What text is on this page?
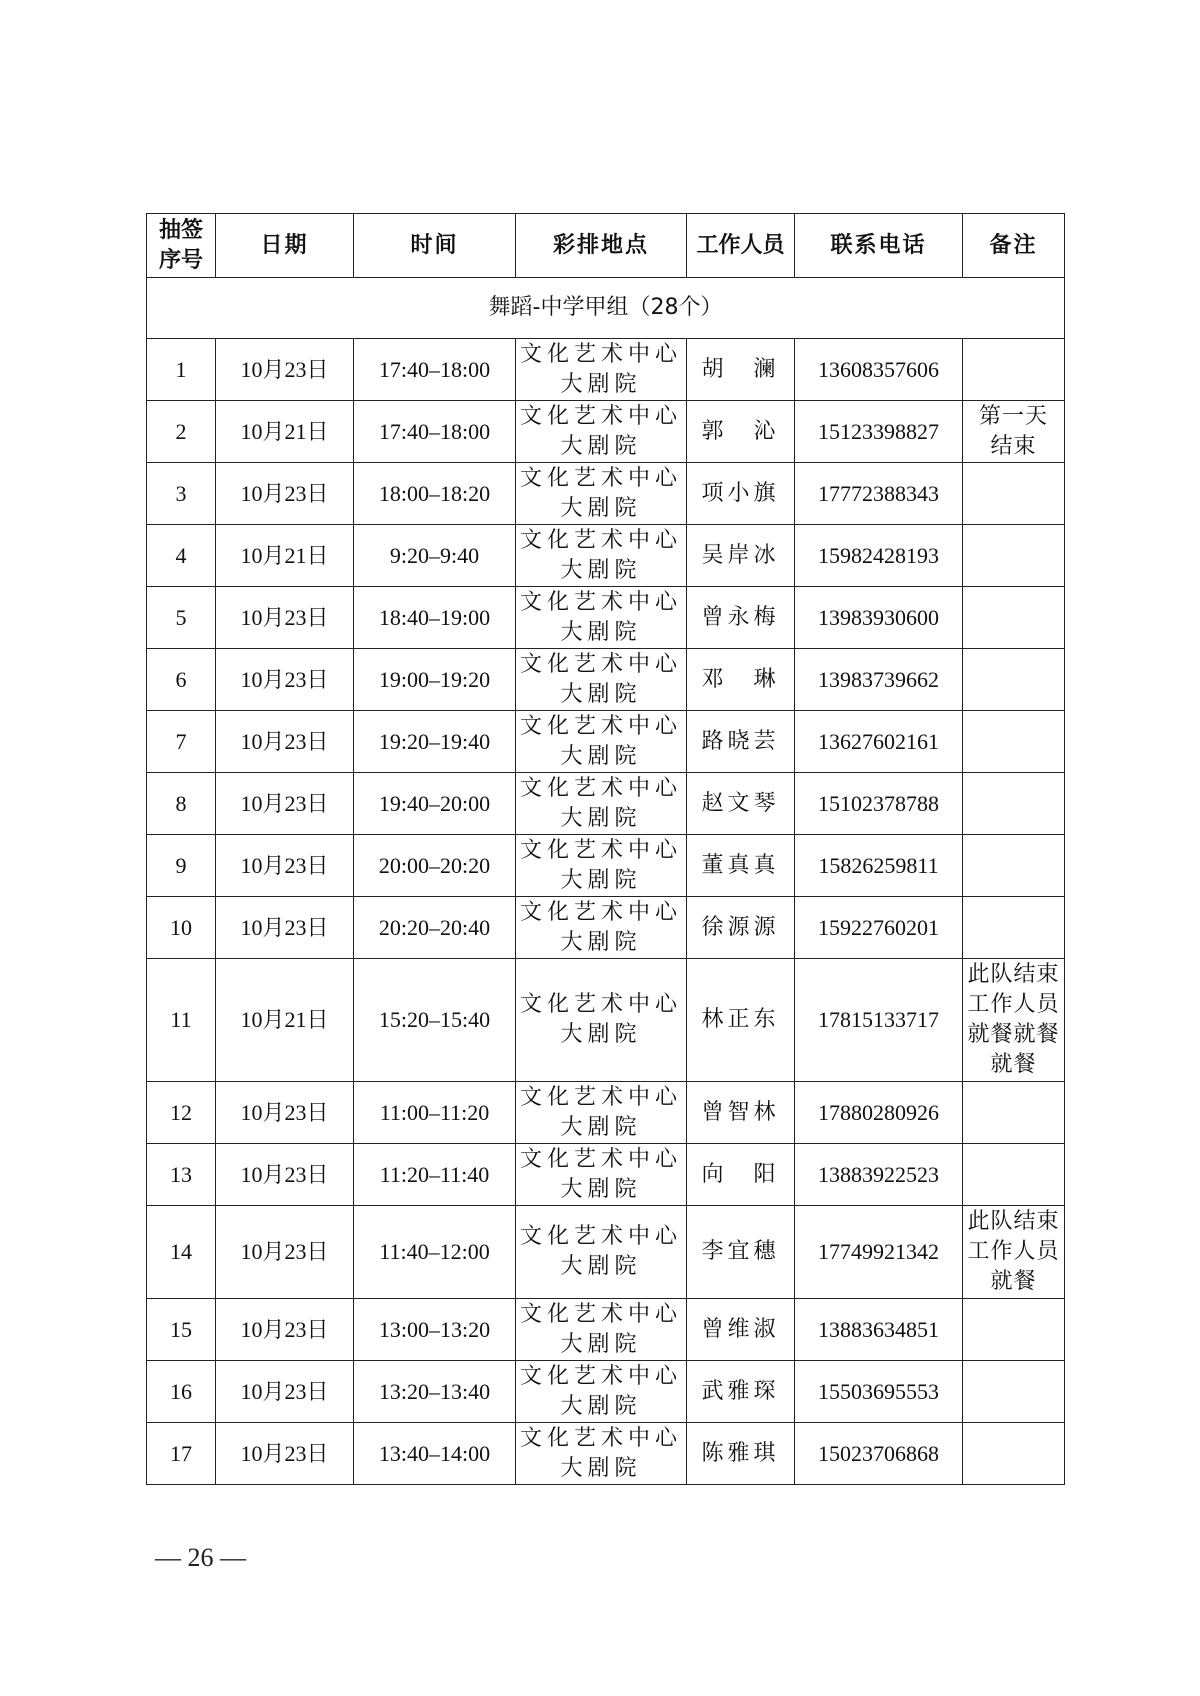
抽签
序号	日期	时间	彩排地点	工作人员	联系电话	备注
舞蹈-中学甲组（28个）						
1	10月23日	17:40–18:00	文化艺术中心
大剧院	胡　澜	13608357606	
2	10月21日	17:40–18:00	文化艺术中心
大剧院	郭　沁	15123398827	第一天
结束
3	10月23日	18:00–18:20	文化艺术中心
大剧院	项小旗	17772388343	
4	10月21日	9:20–9:40	文化艺术中心
大剧院	吴岸冰	15982428193	
5	10月23日	18:40–19:00	文化艺术中心
大剧院	曾永梅	13983930600	
6	10月23日	19:00–19:20	文化艺术中心
大剧院	邓　琳	13983739662	
7	10月23日	19:20–19:40	文化艺术中心
大剧院	路晓芸	13627602161	
8	10月23日	19:40–20:00	文化艺术中心
大剧院	赵文琴	15102378788	
9	10月23日	20:00–20:20	文化艺术中心
大剧院	董真真	15826259811	
10	10月23日	20:20–20:40	文化艺术中心
大剧院	徐源源	15922760201	
11	10月21日	15:20–15:40	文化艺术中心
大剧院	林正东	17815133717	此队结束
工作人员
就餐就餐
就餐
12	10月23日	11:00–11:20	文化艺术中心
大剧院	曾智林	17880280926	
13	10月23日	11:20–11:40	文化艺术中心
大剧院	向　阳	13883922523	
14	10月23日	11:40–12:00	文化艺术中心
大剧院	李宜穗	17749921342	此队结束
工作人员
就餐
15	10月23日	13:00–13:20	文化艺术中心
大剧院	曾维淑	13883634851	
16	10月23日	13:20–13:40	文化艺术中心
大剧院	武雅琛	15503695553	
17	10月23日	13:40–14:00	文化艺术中心
大剧院	陈雅琪	15023706868	
— 26 —
